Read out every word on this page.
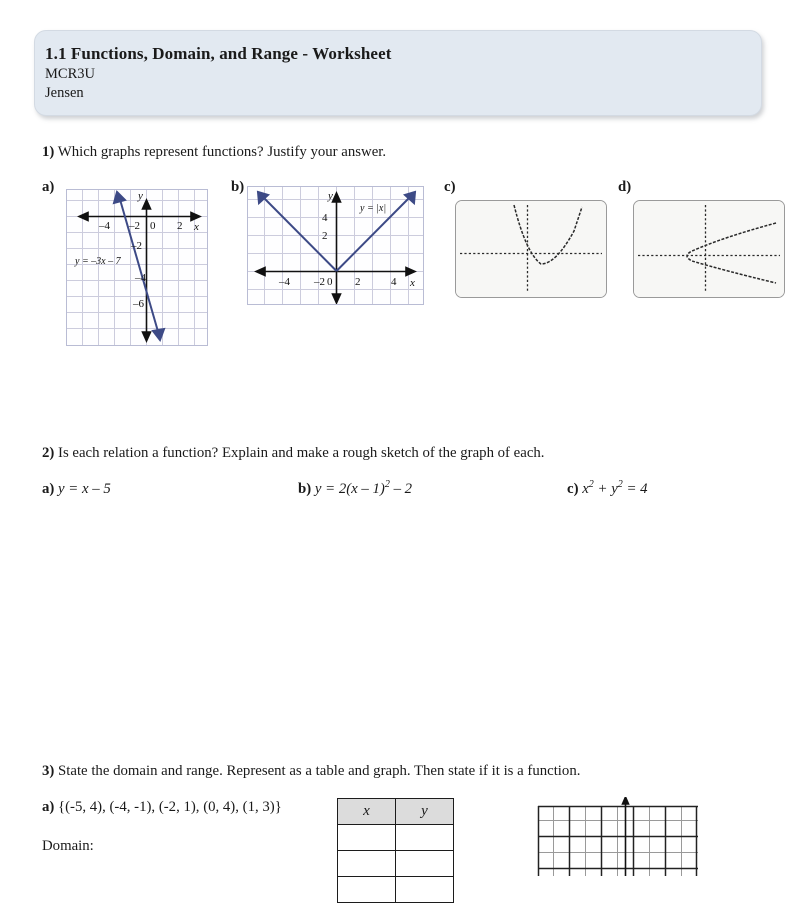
1.1 Functions, Domain, and Range - Worksheet
MCR3U
Jensen
1) Which graphs represent functions? Justify your answer.
a)	b)	c)	d)
–4 –2 0 2 x
y
–2
–4
–6
y = –3x – 7
–4 –2 0 2	4 x
y
2
4
y = |x|
2) Is each relation a function? Explain and make a rough sketch of the graph of each.
a) y = x – 5	b) y = 2(x – 1)$^2$ – 2	c) $x^2 + y^2 = 4$
3) State the domain and range. Represent as a table and graph. Then state if it is a function.
a) {(-5, 4), (-4, -1), (-2, 1), (0, 4), (1, 3)}
Domain:
x	y
